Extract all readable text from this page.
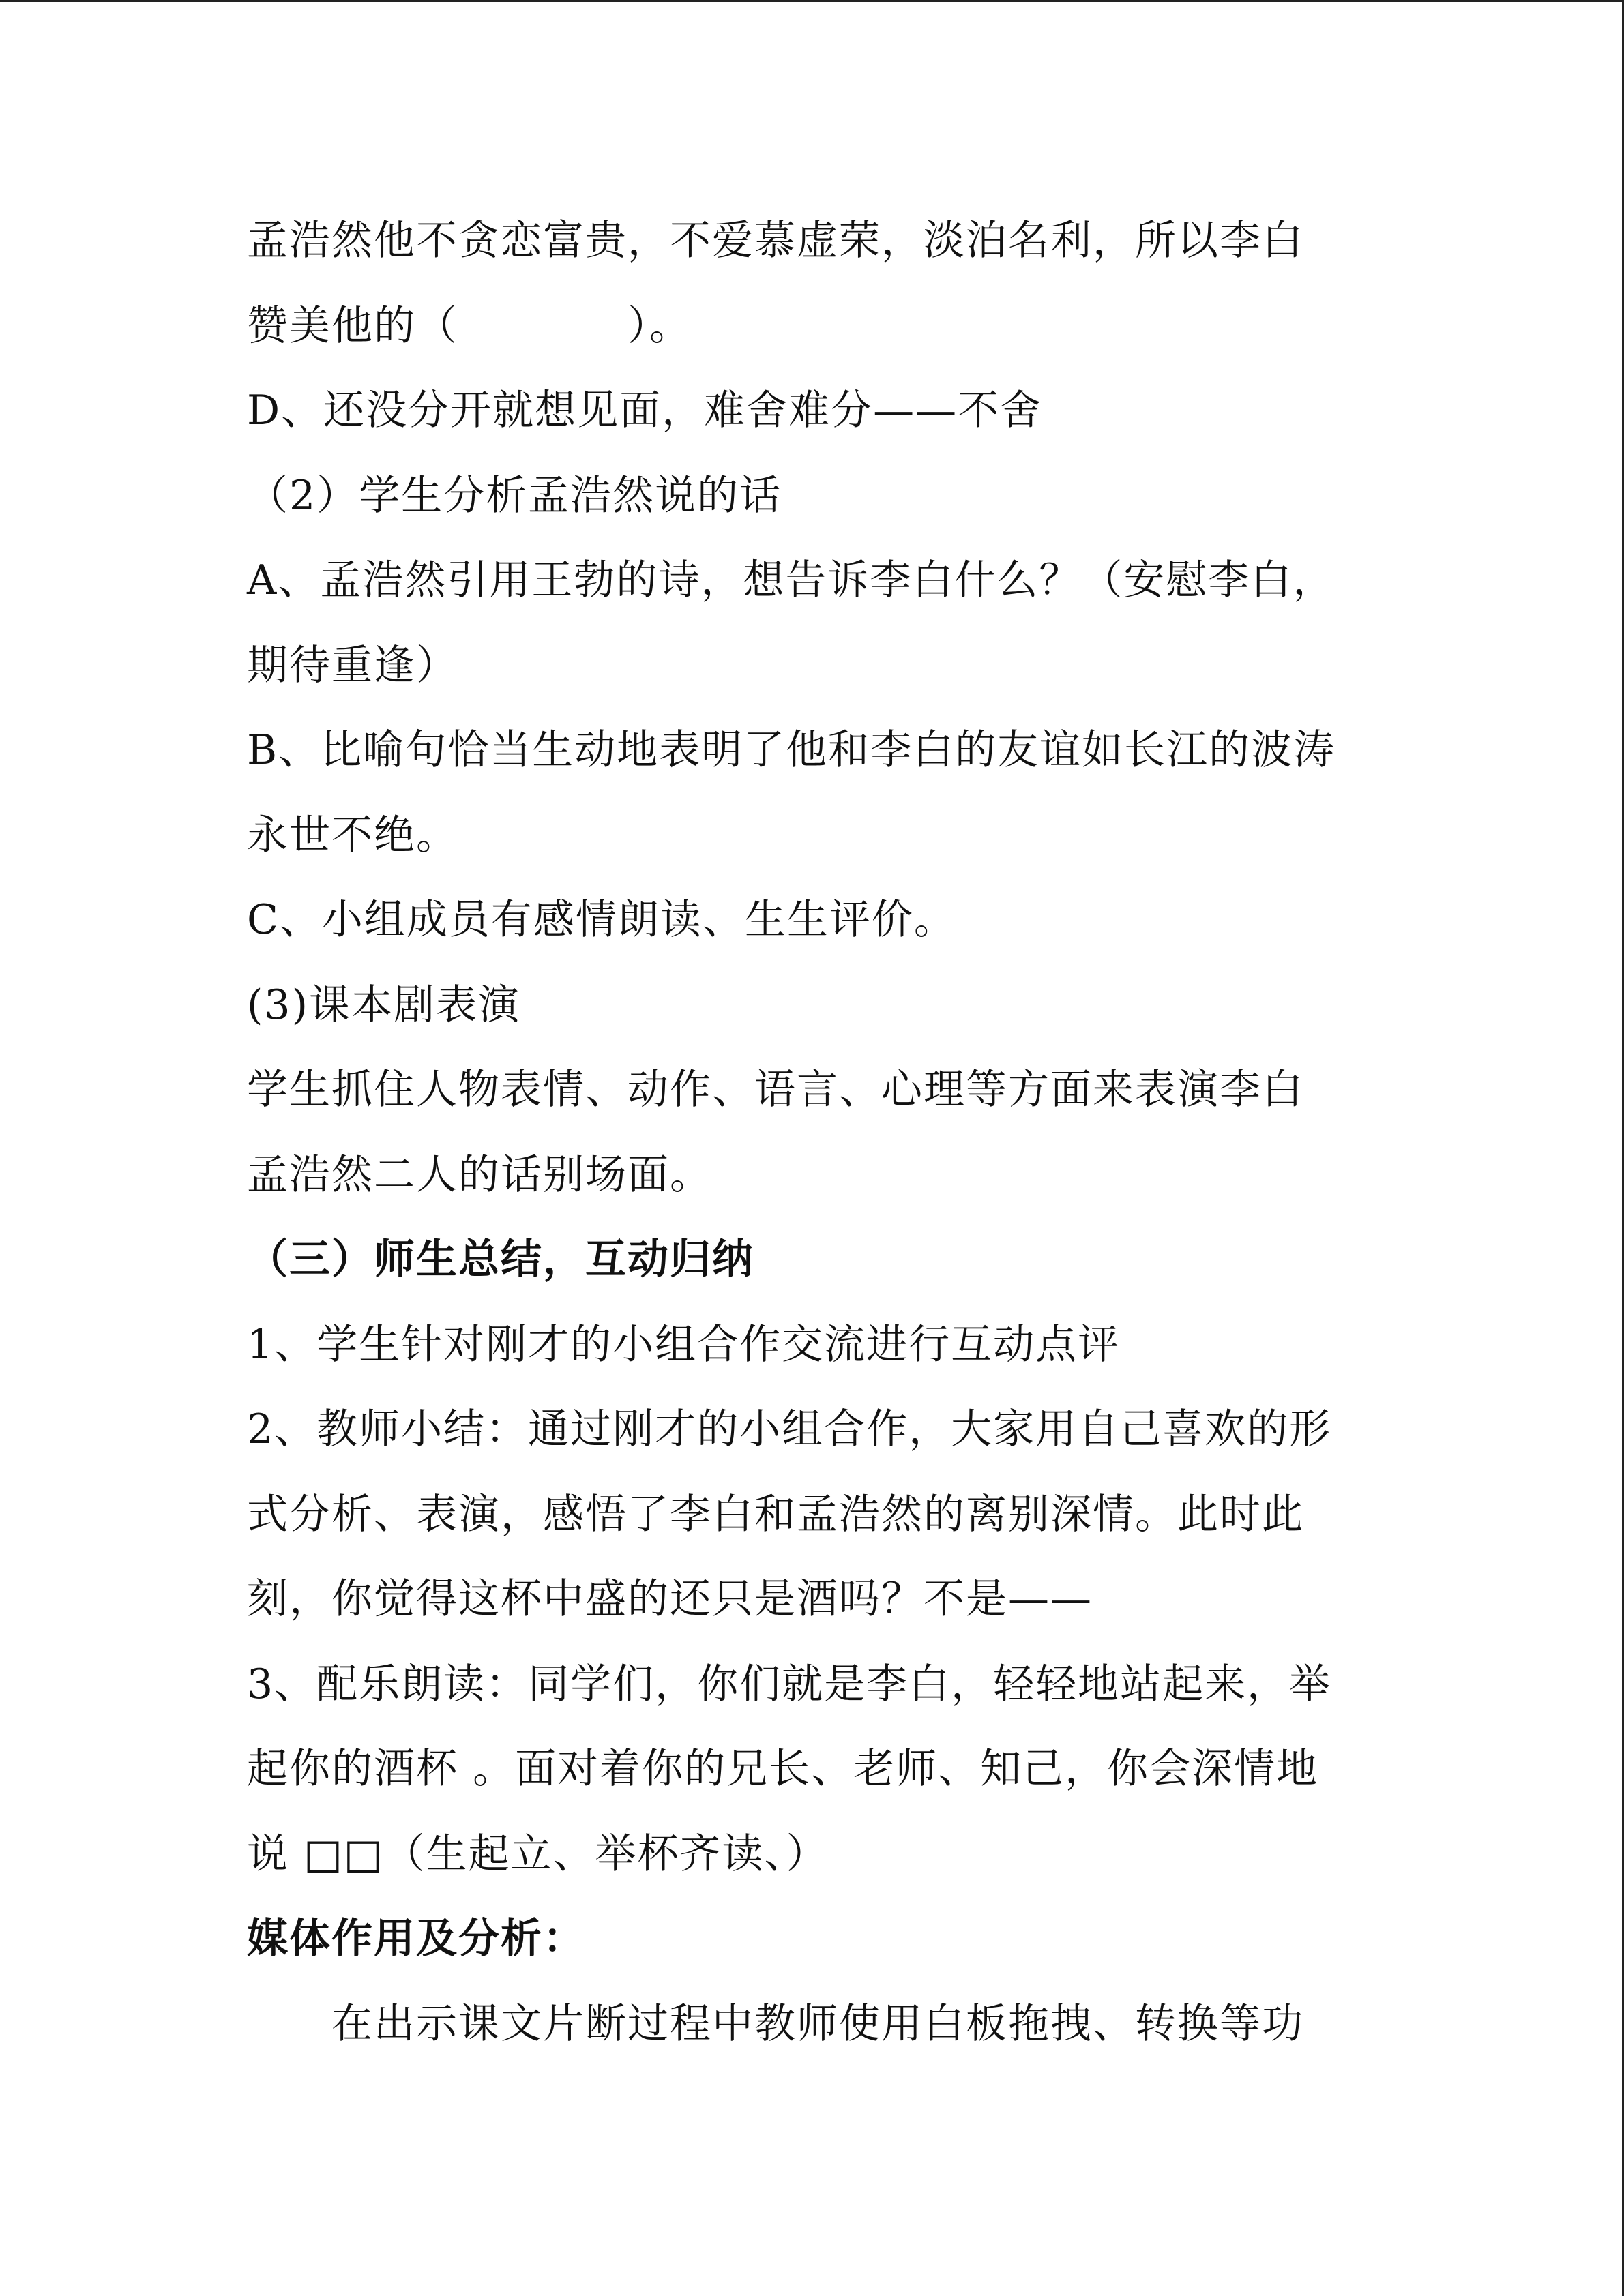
孟浩然他不贪恋富贵，不爱慕虚荣，淡泊名利，所以李白
赞美他的（　　　　）。
D、还没分开就想见面，难舍难分——不舍
（2）学生分析孟浩然说的话
A、孟浩然引用王勃的诗，想告诉李白什么？（安慰李白，
期待重逢）
B、比喻句恰当生动地表明了他和李白的友谊如长江的波涛
永世不绝。
C、小组成员有感情朗读、生生评价。
(3)课本剧表演
学生抓住人物表情、动作、语言、心理等方面来表演李白
孟浩然二人的话别场面。
（三）师生总结，互动归纳
1、学生针对刚才的小组合作交流进行互动点评
2、教师小结：通过刚才的小组合作，大家用自己喜欢的形
式分析、表演，感悟了李白和孟浩然的离别深情。此时此
刻，你觉得这杯中盛的还只是酒吗？不是——
3、配乐朗读：同学们，你们就是李白，轻轻地站起来，举
起你的酒杯 。面对着你的兄长、老师、知己，你会深情地
说 □□（生起立、举杯齐读、）
媒体作用及分析：
在出示课文片断过程中教师使用白板拖拽、转换等功
